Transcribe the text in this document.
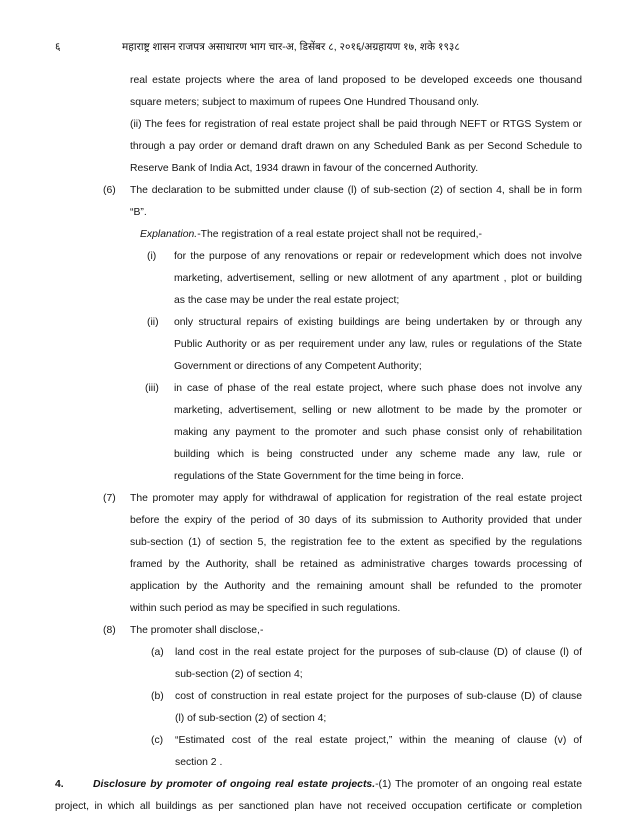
६	महाराष्ट्र शासन राजपत्र असाधारण भाग चार-अ, डिसेंबर ८, २०१६/अग्रहायण १७, शके १९३८
real estate projects where the area of land proposed to be developed exceeds one thousand
square meters; subject to maximum of rupees One Hundred Thousand only.
(ii) The fees for registration of real estate project shall be paid through NEFT or RTGS System or
through a pay order or demand draft drawn on any Scheduled Bank as per Second Schedule to
Reserve Bank of India Act, 1934 drawn in favour of the concerned Authority.
(6) The declaration to be submitted under clause (l) of sub-section (2) of section 4, shall be in form
“B”.
Explanation.-The registration of a real estate project shall not be required,-
(i) for the purpose of any renovations or repair or redevelopment which does not involve
marketing, advertisement, selling or new allotment of any apartment , plot or building
as the case may be under the real estate project;
(ii) only structural repairs of existing buildings are being undertaken by or through any
Public Authority or as per requirement under any law, rules or regulations of the State
Government or directions of any Competent Authority;
(iii) in case of phase of the real estate project, where such phase does not involve any
marketing, advertisement, selling or new allotment to be made by the promoter or
making any payment to the promoter and such phase consist only of rehabilitation
building which is being constructed under any scheme made any law, rule or
regulations of the State Government for the time being in force.
(7) The promoter may apply for withdrawal of application for registration of the real estate project
before the expiry of the period of 30 days of its submission to Authority provided that under
sub-section (1) of section 5, the registration fee to the extent as specified by the regulations
framed by the Authority, shall be retained as administrative charges towards processing of
application by the Authority and the remaining amount shall be refunded to the promoter
within such period as may be specified in such regulations.
(8) The promoter shall disclose,-
(a) land cost in the real estate project for the purposes of sub-clause (D) of clause (l) of
sub-section (2) of section 4;
(b) cost of construction in real estate project for the purposes of sub-clause (D) of clause
(l) of sub-section (2) of section 4;
(c) “Estimated cost of the real estate project,” within the meaning of clause (v) of
section 2 .
4.	Disclosure by promoter of ongoing real estate projects.-(1) The promoter of an ongoing real estate
project, in which all buildings as per sanctioned plan have not received occupation certificate or completion
